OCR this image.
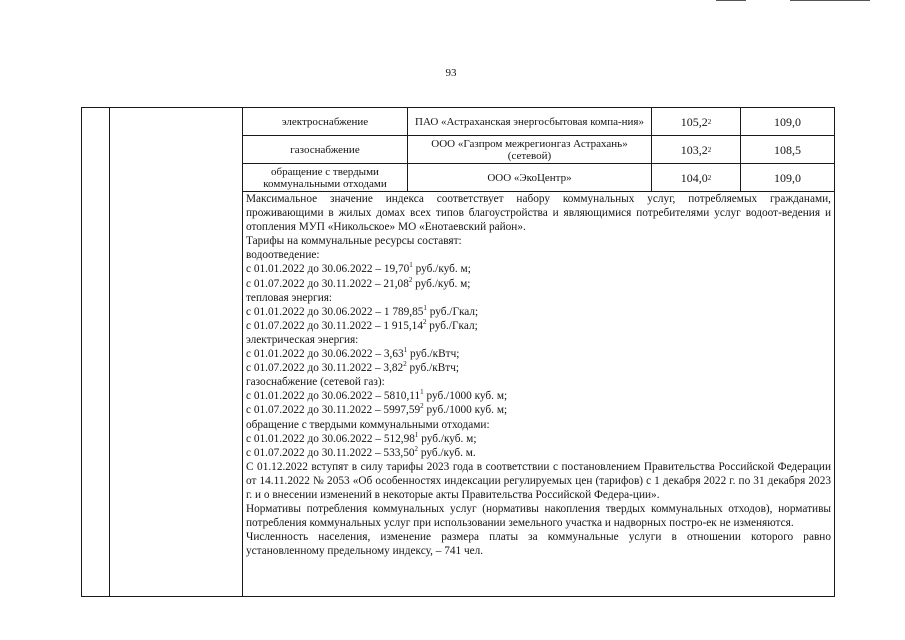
93
электроснабжение	ПАО «Астраханская энергосбытовая компа-ния»	105,2 2	109,0
газоснабжение	ООО «Газпром межрегионгаз Астрахань» (сетевой)	103,2 2	108,5
обращение с твердыми коммунальными отходами	ООО «ЭкоЦентр»	104,0 2	109,0

Максимальное значение индекса соответствует набору коммунальных услуг, потребляемых гражданами, проживающими в жилых домах всех типов благоустройства и являющимися потребителями услуг водоот-ведения и отопления МУП «Никольское» МО «Енотаевский район».

Тарифы на коммунальные ресурсы составят:

водоотведение:

с 01.01.2022 до 30.06.2022 – 19,70$^1$ руб./куб. м;

с 01.07.2022 до 30.11.2022 – 21,08$^2$ руб./куб. м;

тепловая энергия:

с 01.01.2022 до 30.06.2022 – 1 789,85$^1$ руб./Гкал;

с 01.07.2022 до 30.11.2022 – 1 915,14$^2$ руб./Гкал;

электрическая энергия:

с 01.01.2022 до 30.06.2022 – 3,63$^1$ руб./кВтч;

с 01.07.2022 до 30.11.2022 – 3,82$^2$ руб./кВтч;

газоснабжение (сетевой газ):

с 01.01.2022 до 30.06.2022 – 5810,11$^1$ руб./1000 куб. м;

с 01.07.2022 до 30.11.2022 – 5997,59$^2$ руб./1000 куб. м;

обращение с твердыми коммунальными отходами:

с 01.01.2022 до 30.06.2022 – 512,98$^1$ руб./куб. м;

с 01.07.2022 до 30.11.2022 – 533,50$^2$ руб./куб. м.

С 01.12.2022 вступят в силу тарифы 2023 года в соответствии с постановлением Правительства Российской Федерации от 14.11.2022 № 2053 «Об особенностях индексации регулируемых цен (тарифов) с 1 декабря 2022 г. по 31 декабря 2023 г. и о внесении изменений в некоторые акты Правительства Российской Федера-ции».

Нормативы потребления коммунальных услуг (нормативы накопления твердых коммунальных отходов), нормативы потребления коммунальных услуг при использовании земельного участка и надворных постро-ек не изменяются.

Численность населения, изменение размера платы за коммунальные услуги в отношении которого равно установленному предельному индексу, – 741 чел.
